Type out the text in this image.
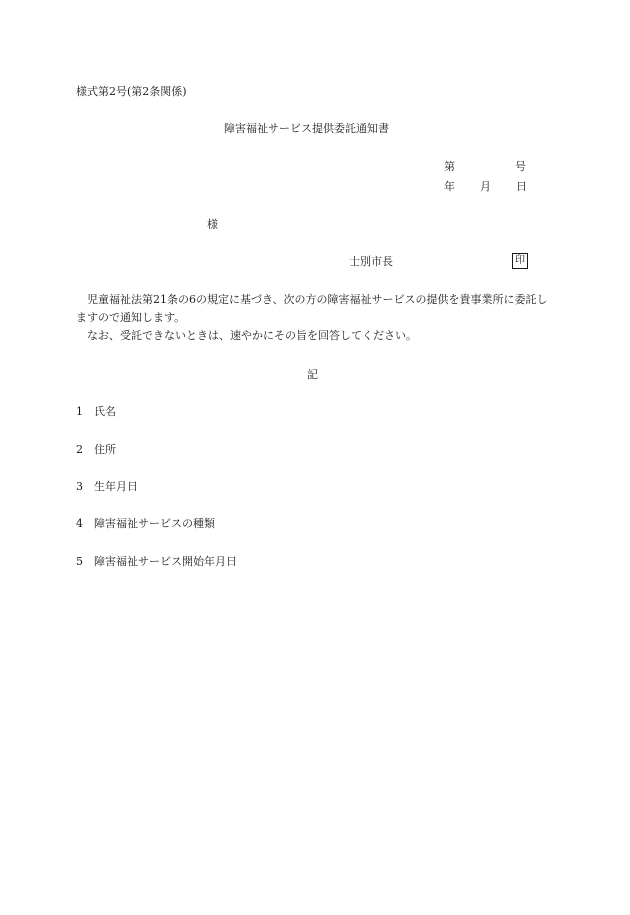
様式第2号(第2条関係)
障害福祉サービス提供委託通知書
第	号
年 月 日
様
士別市長	印
児童福祉法第21条の6の規定に基づき、次の方の障害福祉サービスの提供を貴事業所に委託しますので通知します。
なお、受託できないときは、速やかにその旨を回答してください。
記
1 氏名
2 住所
3 生年月日
4 障害福祉サービスの種類
5 障害福祉サービス開始年月日
